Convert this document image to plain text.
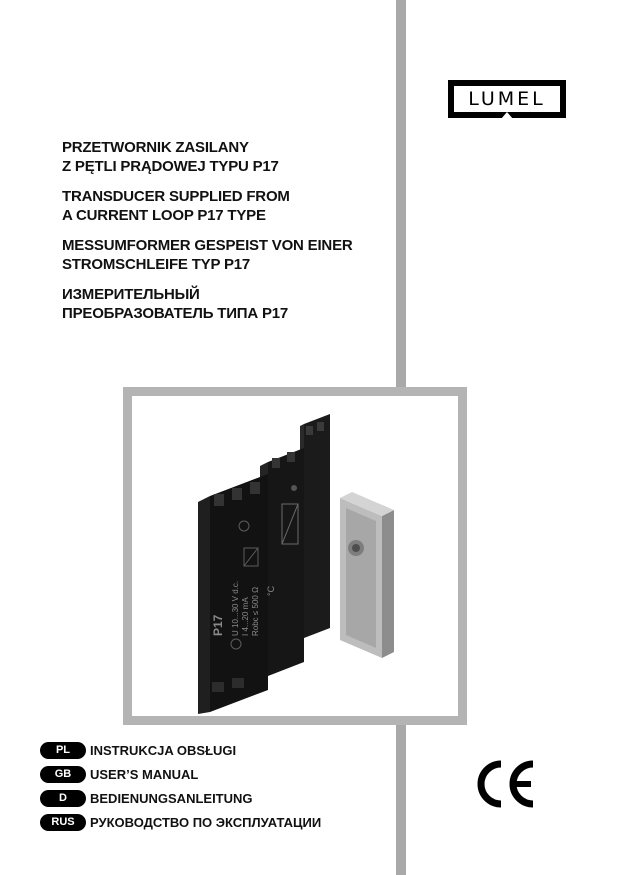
LUMEL
PRZETWORNIK ZASILANY
Z PĘTLI PRĄDOWEJ TYPU P17
TRANSDUCER SUPPLIED FROM
A CURRENT LOOP P17 TYPE
MESSUMFORMER GESPEIST VON EINER
STROMSCHLEIFE TYP P17
ИЗМЕРИТЕЛЬНЫЙ
ПРЕОБРАЗОВАТЕЛЬ ТИПА P17
P17 U 10...30 V d.c. I 4...20 mA Robc ≤ 500 Ω °C
PL	INSTRUKCJA OBSŁUGI
GB	USER’S MANUAL
D	BEDIENUNGSANLEITUNG
RUS	РУКОВОДСТВО ПО ЭКСПЛУАТАЦИИ
